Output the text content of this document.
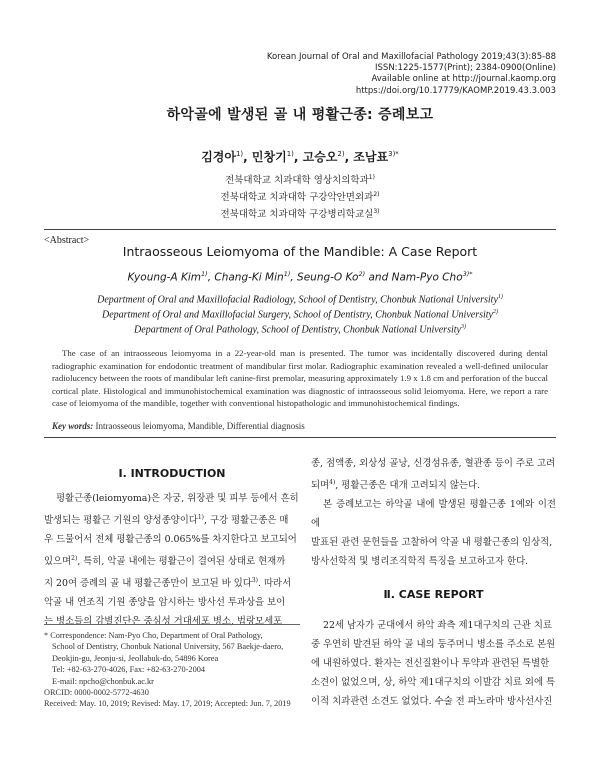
Korean Journal of Oral and Maxillofacial Pathology 2019;43(3):85-88
ISSN:1225-1577(Print); 2384-0900(Online)
Available online at http://journal.kaomp.org
https://doi.org/10.17779/KAOMP.2019.43.3.003
하악골에 발생된 골 내 평활근종: 증례보고
김경아$^{1)}$, 민창기$^{1)}$, 고승오$^{2)}$, 조남표$^{3)*}$
전북대학교 치과대학 영상치의학과$^{1)}$
전북대학교 치과대학 구강악안면외과$^{2)}$
전북대학교 치과대학 구강병리학교실$^{3)}$
<Abstract>
Intraosseous Leiomyoma of the Mandible: A Case Report
Kyoung-A Kim$^{1)}$, Chang-Ki Min$^{1)}$, Seung-O Ko$^{2)}$ and Nam-Pyo Cho$^{3)*}$
Department of Oral and Maxillofacial Radiology, School of Dentistry, Chonbuk National University$^{1)}$
Department of Oral and Maxillofacial Surgery, School of Dentistry, Chonbuk National University$^{2)}$
Department of Oral Pathology, School of Dentistry, Chonbuk National University$^{3)}$
The case of an intraosseous leiomyoma in a 22-year-old man is presented. The tumor was incidentally discovered during dental radiographic examination for endodontic treatment of mandibular first molar. Radiographic examination revealed a well-defined unilocular radiolucency between the roots of mandibular left canine-first premolar, measuring approximately 1.9 x 1.8 cm and perforation of the buccal cortical plate. Histological and immunohistochemical examination was diagnostic of intraosseous solid leiomyoma. Here, we report a rare case of leiomyoma of the mandible, together with conventional histopathologic and immunohistochemical findings.
Key words: Intraosseous leiomyoma, Mandible, Differential diagnosis
Ⅰ. INTRODUCTION
평활근종(leiomyoma)은 자궁, 위장관 및 피부 등에서 흔히
발생되는 평활근 기원의 양성종양이다$^{1)}$, 구강 평활근종은 매
우 드물어서 전체 평활근종의 0.065%를 차지한다고 보고되어
있으며$^{2)}$, 특히, 악골 내에는 평활근이 결여된 상태로 현재까
지 20여 증례의 골 내 평활근종만이 보고된 바 있다$^{3)}$. 따라서
악골 내 연조직 기원 종양을 암시하는 방사선 투과상을 보이
는 병소들의 감별진단은 중심성 거대세포 병소, 법랑모세포
* Correspondence: Nam-Pyo Cho, Department of Oral Pathology,
School of Dentistry, Chonbuk National University, 567 Baekje-daero,
Deokjin-gu, Jeonju-si, Jeollabuk-do, 54896 Korea
Tel: +82-63-270-4026, Fax: +82-63-270-2004
E-mail: npcho@chonbuk.ac.kr
ORCID: 0000-0002-5772-4630
Received: May. 10, 2019; Revised: May. 17, 2019; Accepted: Jun. 7, 2019
종, 점액종, 외상성 골낭, 신경섬유종, 혈관종 등이 주로 고려
되며$^{4)}$, 평활근종은 대개 고려되지 않는다.
본 증례보고는 하악골 내에 발생된 평활근종 1예와 이전에
발표된 관련 문헌들을 고찰하여 악골 내 평활근종의 임상적,
방사선학적 및 병리조직학적 특징을 보고하고자 한다.
Ⅱ. CASE REPORT
22세 남자가 군대에서 하악 좌측 제1대구치의 근관 치료
중 우연히 발견된 하악 골 내의 둥주머니 병소를 주소로 본원
에 내원하였다. 환자는 전신질환이나 투약과 관련된 특별한
소견이 없었으며, 상, 하악 제1대구치의 이발감 치료 외에 특
이적 치과관련 소견도 없었다. 수술 전 파노라마 방사선사진
